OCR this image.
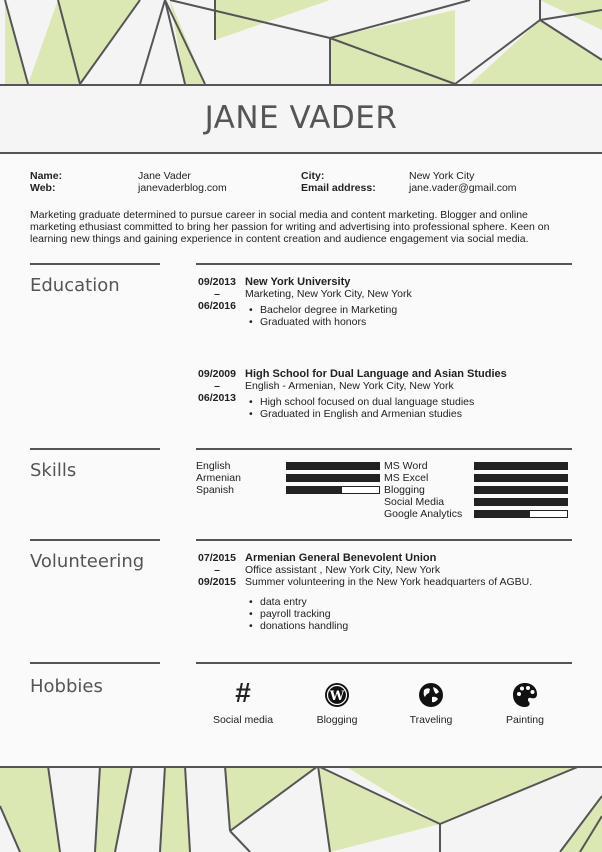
JANE VADER
Name:	Jane Vader
Web:	janevaderblog.com
City:	New York City
Email address:	jane.vader@gmail.com
Marketing graduate determined to pursue career in social media and content marketing. Blogger and online marketing ethusiast committed to bring her passion for writing and advertising into professional sphere. Keen on learning new things and gaining experience in content creation and audience engagement via social media.
Education	09/2013
–
06/2016
New York University
Marketing, New York City, New York
• Bachelor degree in Marketing
• Graduated with honors
09/2009
–
06/2013
High School for Dual Language and Asian Studies
English - Armenian, New York City, New York
• High school focused on dual language studies
• Graduated in English and Armenian studies
Skills	English
Armenian
Spanish
MS Word
MS Excel
Blogging
Social Media
Google Analytics
Volunteering	07/2015
–
09/2015
Armenian General Benevolent Union
Office assistant , New York City, New York
Summer volunteering in the New York headquarters of AGBU.
• data entry
• payroll tracking
• donations handling
Hobbies	#
Social media
W
Blogging	Traveling	Painting
